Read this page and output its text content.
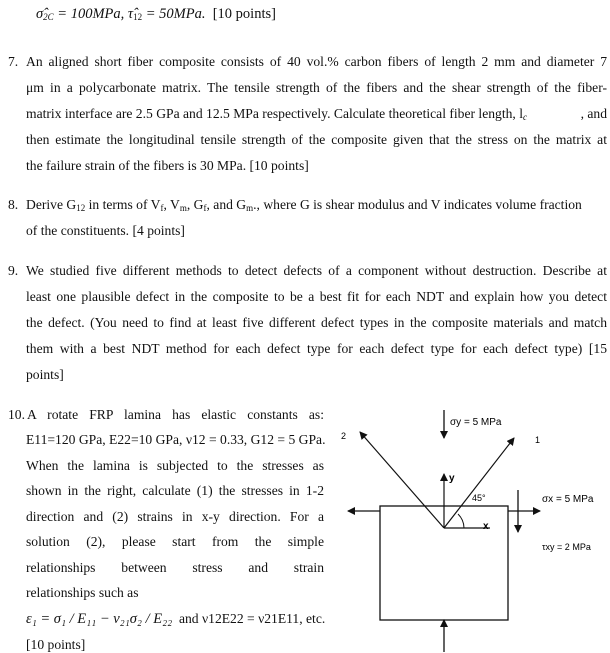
$\sigmâ_{2C} = 100MPa$, $\taû_{12} = 50MPa$. [10 points]
7. An aligned short fiber composite consists of 40 vol.% carbon fibers of length 2 mm and diameter 7
μm in a polycarbonate matrix. The tensile strength of the fibers and the shear strength of the fiber-
matrix interface are 2.5 GPa and 12.5 MPa respectively. Calculate theoretical fiber length, $l_c$	, and
then estimate the longitudinal tensile strength of the composite given that the stress on the matrix at
the failure strain of the fibers is 30 MPa. [10 points]
8. Derive $G_{12}$ in terms of $V_f$, $V_m$, $G_f$, and $G_m$., where G is shear modulus and V indicates volume fraction
of the constituents. [4 points]
9. We studied five different methods to detect defects of a component without destruction. Describe at
least one plausible defect in the composite to be a best fit for each NDT and explain how you detect
the defect. (You need to find at least five different defect types in the composite materials and match
them with a best NDT method for each defect type for each defect type for each defect type) [15
points]
10. A rotate FRP lamina has elastic constants as:
E11=120 GPa, E22=10 GPa, ν12 = 0.33, G12 = 5 GPa.
When the lamina is subjected to the stresses as
shown in the right, calculate (1) the stresses in 1-2
direction and (2) strains in x-y direction. For a
solution (2), please start from the simple
relationships between stress and strain
relationships such as
ε₁ = σ₁ / E₁₁ − ν₂₁σ₂ / E₂₂ and ν12E22 = ν21E11, etc.
[10 points]
σy = 5 MPa
σx = 5 MPa
τxy = 2 MPa
y
x
45°
1
2
